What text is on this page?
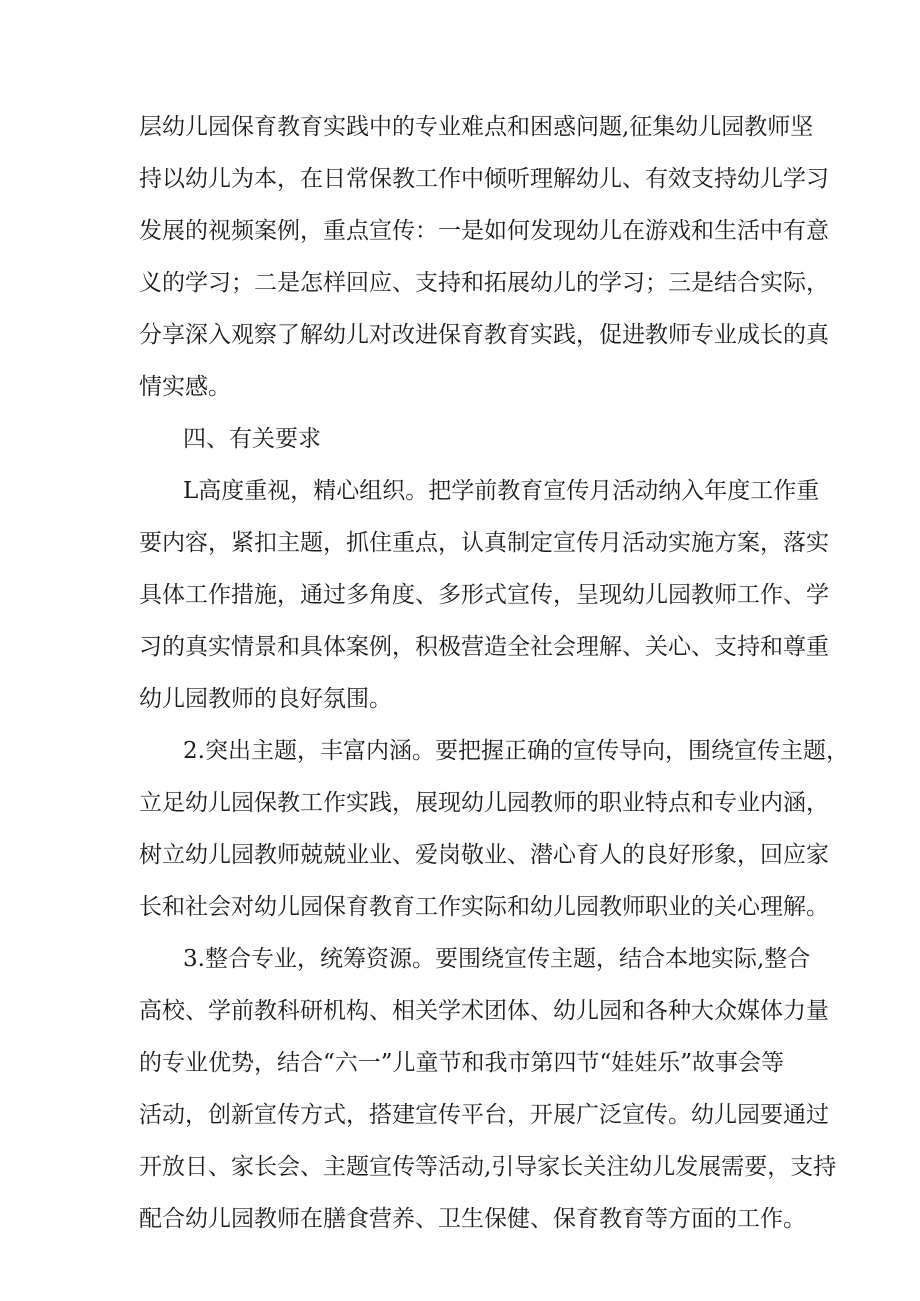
层幼儿园保育教育实践中的专业难点和困惑问题,征集幼儿园教师坚
持以幼儿为本，在日常保教工作中倾听理解幼儿、有效支持幼儿学习
发展的视频案例，重点宣传：一是如何发现幼儿在游戏和生活中有意
义的学习；二是怎样回应、支持和拓展幼儿的学习；三是结合实际，
分享深入观察了解幼儿对改进保育教育实践，促进教师专业成长的真
情实感。
四、有关要求
L高度重视，精心组织。把学前教育宣传月活动纳入年度工作重
要内容，紧扣主题，抓住重点，认真制定宣传月活动实施方案，落实
具体工作措施，通过多角度、多形式宣传，呈现幼儿园教师工作、学
习的真实情景和具体案例，积极营造全社会理解、关心、支持和尊重
幼儿园教师的良好氛围。
2.突出主题，丰富内涵。要把握正确的宣传导向，围绕宣传主题，
立足幼儿园保教工作实践，展现幼儿园教师的职业特点和专业内涵，
树立幼儿园教师兢兢业业、爱岗敬业、潜心育人的良好形象，回应家
长和社会对幼儿园保育教育工作实际和幼儿园教师职业的关心理解。
3.整合专业，统筹资源。要围绕宣传主题，结合本地实际,整合
高校、学前教科研机构、相关学术团体、幼儿园和各种大众媒体力量
的专业优势，结合“六一”儿童节和我市第四节“娃娃乐”故事会等
活动，创新宣传方式，搭建宣传平台，开展广泛宣传。幼儿园要通过
开放日、家长会、主题宣传等活动,引导家长关注幼儿发展需要，支持
配合幼儿园教师在膳食营养、卫生保健、保育教育等方面的工作。
